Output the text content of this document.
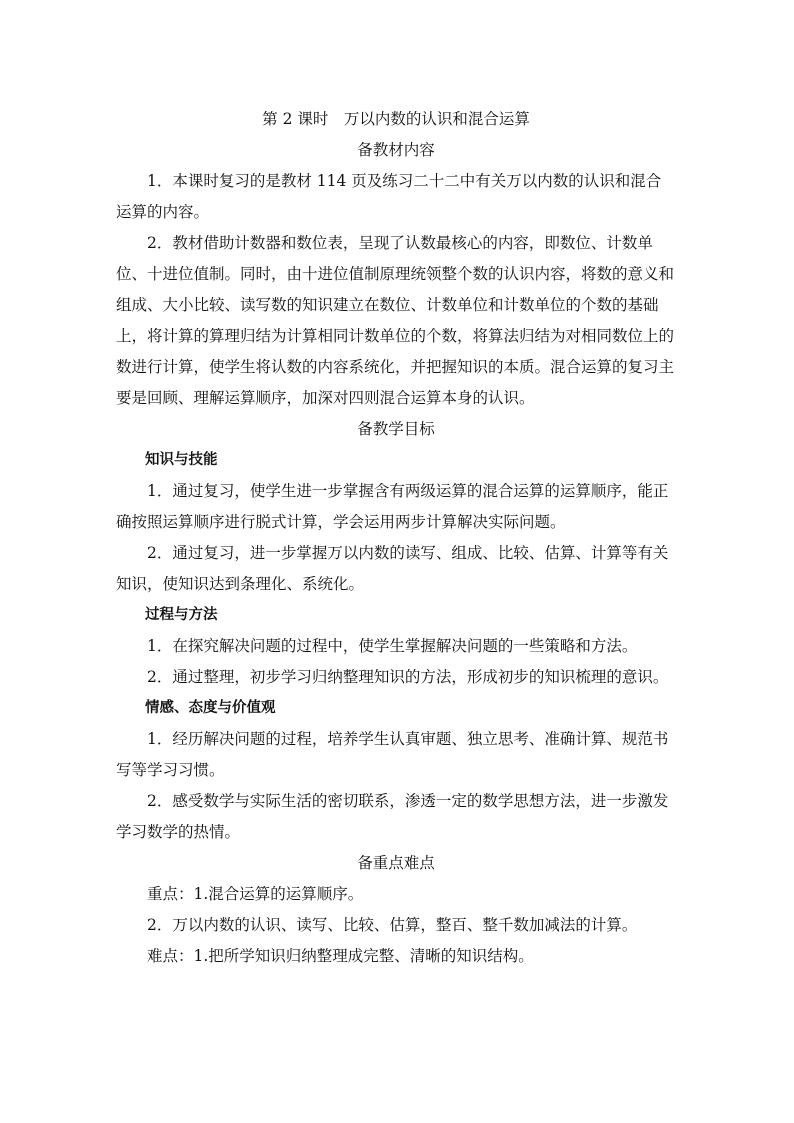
第 2 课时　万以内数的认识和混合运算

备教材内容

1．本课时复习的是教材 114 页及练习二十二中有关万以内数的认识和混合运算的内容。

2．教材借助计数器和数位表，呈现了认数最核心的内容，即数位、计数单位、十进位值制。同时，由十进位值制原理统领整个数的认识内容，将数的意义和组成、大小比较、读写数的知识建立在数位、计数单位和计数单位的个数的基础上，将计算的算理归结为计算相同计数单位的个数，将算法归结为对相同数位上的数进行计算，使学生将认数的内容系统化，并把握知识的本质。混合运算的复习主要是回顾、理解运算顺序，加深对四则混合运算本身的认识。

备教学目标

知识与技能

1．通过复习，使学生进一步掌握含有两级运算的混合运算的运算顺序，能正确按照运算顺序进行脱式计算，学会运用两步计算解决实际问题。

2．通过复习，进一步掌握万以内数的读写、组成、比较、估算、计算等有关知识，使知识达到条理化、系统化。

过程与方法

1．在探究解决问题的过程中，使学生掌握解决问题的一些策略和方法。

2．通过整理，初步学习归纳整理知识的方法，形成初步的知识梳理的意识。

情感、态度与价值观

1．经历解决问题的过程，培养学生认真审题、独立思考、准确计算、规范书写等学习习惯。

2．感受数学与实际生活的密切联系，渗透一定的数学思想方法，进一步激发学习数学的热情。

备重点难点

重点：1.混合运算的运算顺序。

2．万以内数的认识、读写、比较、估算，整百、整千数加减法的计算。

难点：1.把所学知识归纳整理成完整、清晰的知识结构。
